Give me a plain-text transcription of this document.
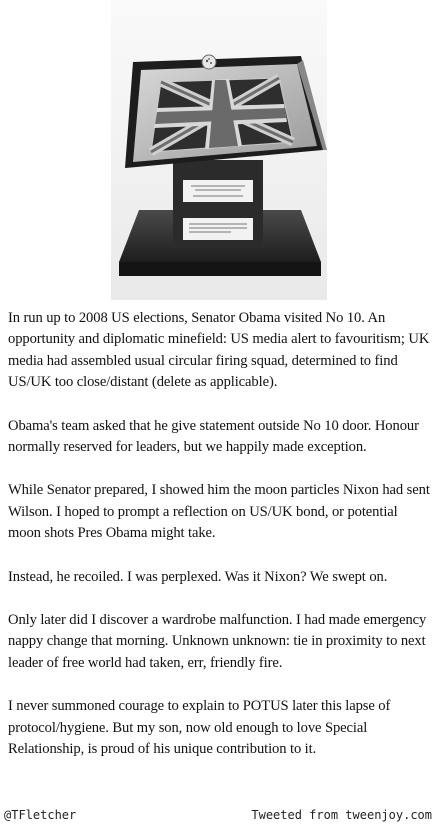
In run up to 2008 US elections, Senator Obama visited No 10. An opportunity and diplomatic minefield: US media alert to favouritism; UK media had assembled usual circular firing squad, determined to find US/UK too close/distant (delete as applicable).

Obama's team asked that he give statement outside No 10 door. Honour normally reserved for leaders, but we happily made exception.

While Senator prepared, I showed him the moon particles Nixon had sent Wilson. I hoped to prompt a reflection on US/UK bond, or potential moon shots Pres Obama might take.

Instead, he recoiled. I was perplexed. Was it Nixon? We swept on.

Only later did I discover a wardrobe malfunction. I had made emergency nappy change that morning. Unknown unknown: tie in proximity to next leader of free world had taken, err, friendly fire.

I never summoned courage to explain to POTUS later this lapse of protocol/hygiene. But my son, now old enough to love Special Relationship, is proud of his unique contribution to it.

@TFletcher	Tweeted from tweenjoy.com
